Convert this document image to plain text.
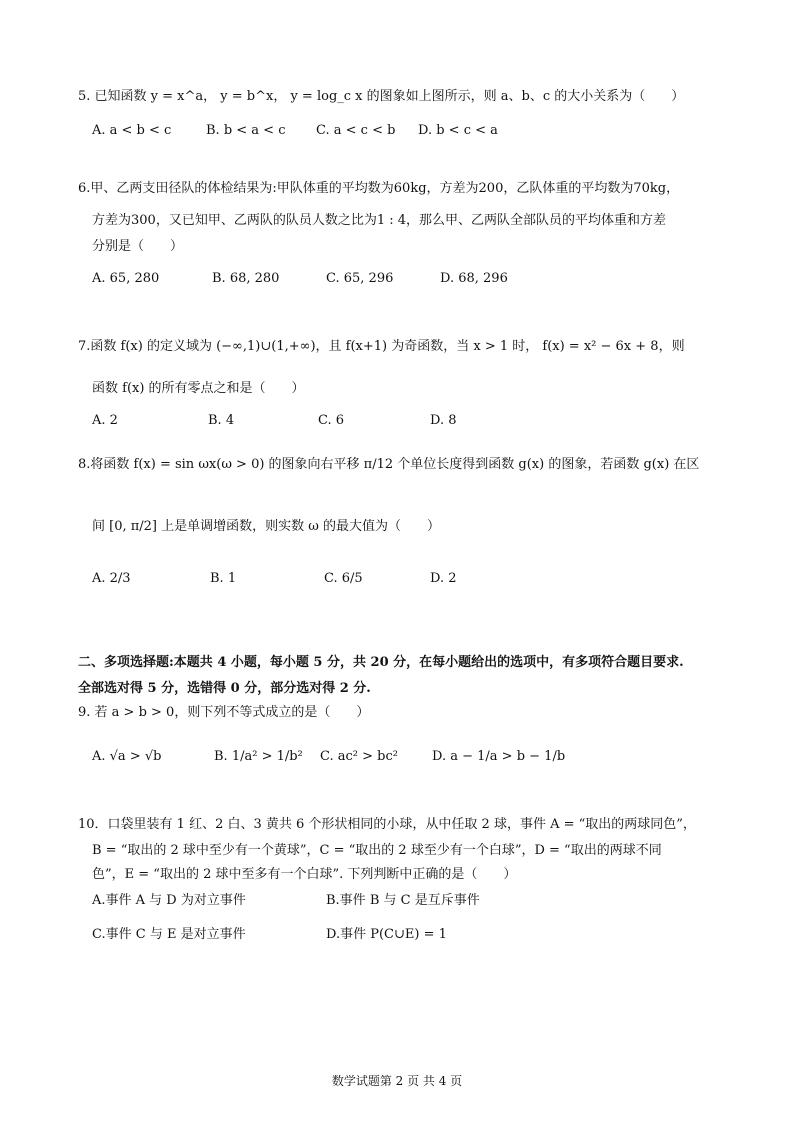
5. 已知函数 y = x^a， y = b^x， y = log_c x 的图象如上图所示，则 a、b、c 的大小关系为（　　）
A. a < b < c	B. b < a < c C. a < c < b D. b < c < a
6.甲、乙两支田径队的体检结果为:甲队体重的平均数为60kg，方差为200，乙队体重的平均数为70kg，
方差为300，又已知甲、乙两队的队员人数之比为1 : 4，那么甲、乙两队全部队员的平均体重和方差
分别是（　　）
A. 65, 280	B. 68, 280	C. 65, 296	D. 68, 296
7.函数 f(x) 的定义域为 (−∞,1)∪(1,+∞)，且 f(x+1) 为奇函数，当 x > 1 时， f(x) = x² − 6x + 8，则
函数 f(x) 的所有零点之和是（　　）
A. 2	B. 4	C. 6	D. 8
8.将函数 f(x) = sin ωx(ω > 0) 的图象向右平移 π/12 个单位长度得到函数 g(x) 的图象，若函数 g(x) 在区
间 [0, π/2] 上是单调增函数，则实数 ω 的最大值为（　　）
A. 2/3	B. 1	C. 6/5	D. 2
二、多项选择题:本题共 4 小题，每小题 5 分，共 20 分，在每小题给出的选项中，有多项符合题目要求.
全部选对得 5 分，选错得 0 分，部分选对得 2 分.
9. 若 a > b > 0，则下列不等式成立的是（　　）
A. √a > √b	B. 1/a² > 1/b² C. ac² > bc²	D. a − 1/a > b − 1/b
10．口袋里装有 1 红、2 白、3 黄共 6 个形状相同的小球，从中任取 2 球，事件 A = “取出的两球同色”，
B = “取出的 2 球中至少有一个黄球”，C = “取出的 2 球至少有一个白球”，D = “取出的两球不同
色”，E = “取出的 2 球中至多有一个白球”. 下列判断中正确的是（　　）
A.事件 A 与 D 为对立事件	B.事件 B 与 C 是互斥事件
C.事件 C 与 E 是对立事件	D.事件 P(C∪E) = 1
数学试题第 2 页 共 4 页
